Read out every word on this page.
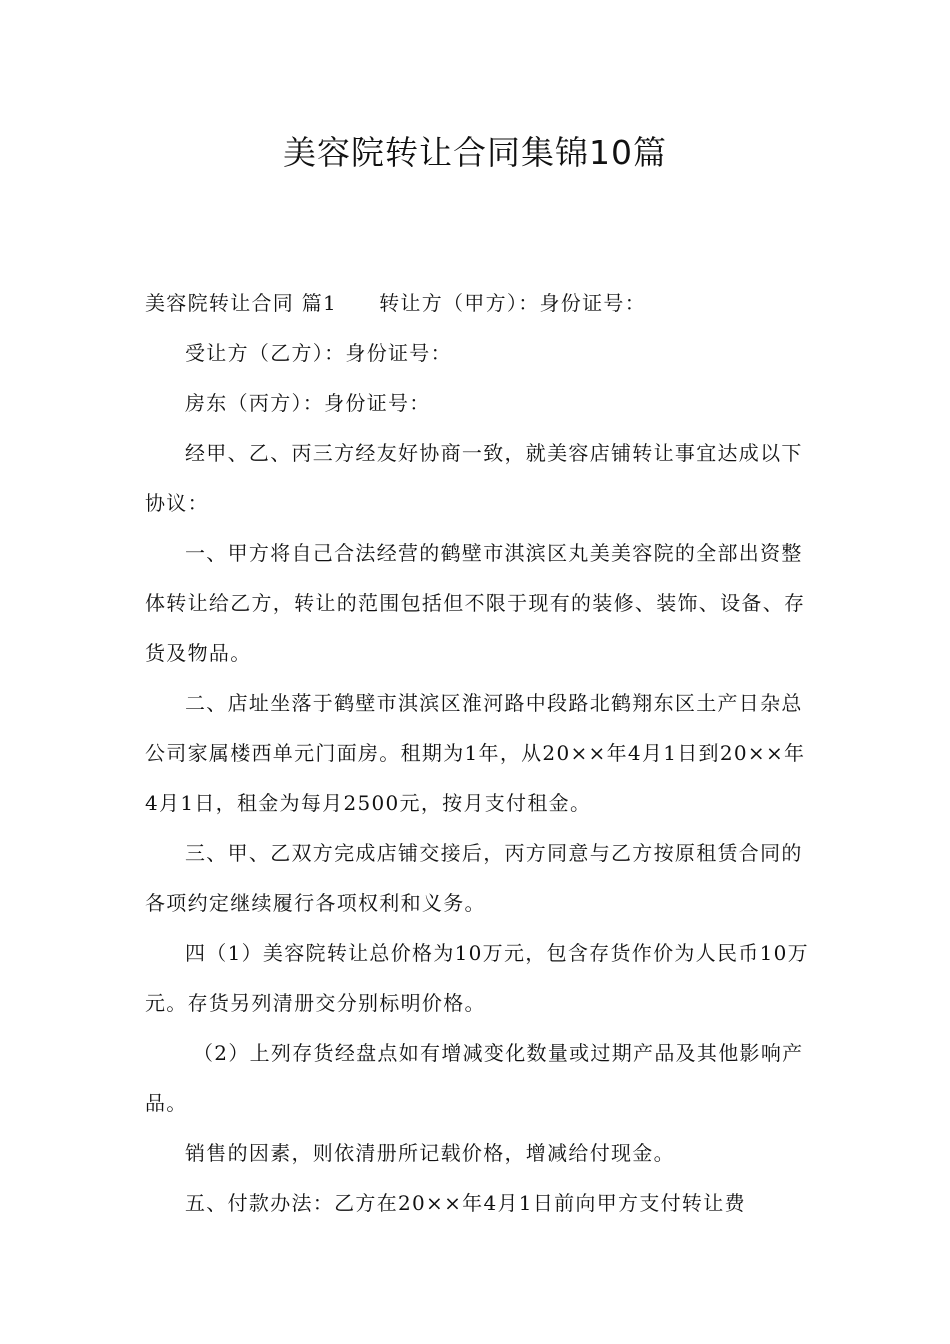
美容院转让合同集锦10篇

美容院转让合同 篇1 转让方（甲方）：身份证号：

受让方（乙方）：身份证号：

房东（丙方）：身份证号：

经甲、乙、丙三方经友好协商一致，就美容店铺转让事宜达成以下协议：

一、甲方将自己合法经营的鹤壁市淇滨区丸美美容院的全部出资整体转让给乙方，转让的范围包括但不限于现有的装修、装饰、设备、存货及物品。

二、店址坐落于鹤壁市淇滨区淮河路中段路北鹤翔东区土产日杂总公司家属楼西单元门面房。租期为1年，从20××年4月1日到20××年4月1日，租金为每月2500元，按月支付租金。

三、甲、乙双方完成店铺交接后，丙方同意与乙方按原租赁合同的各项约定继续履行各项权利和义务。

四（1）美容院转让总价格为10万元，包含存货作价为人民币10万元。存货另列清册交分别标明价格。

（2）上列存货经盘点如有增减变化数量或过期产品及其他影响产品。

销售的因素，则依清册所记载价格，增减给付现金。

五、付款办法：乙方在20××年4月1日前向甲方支付转让费
